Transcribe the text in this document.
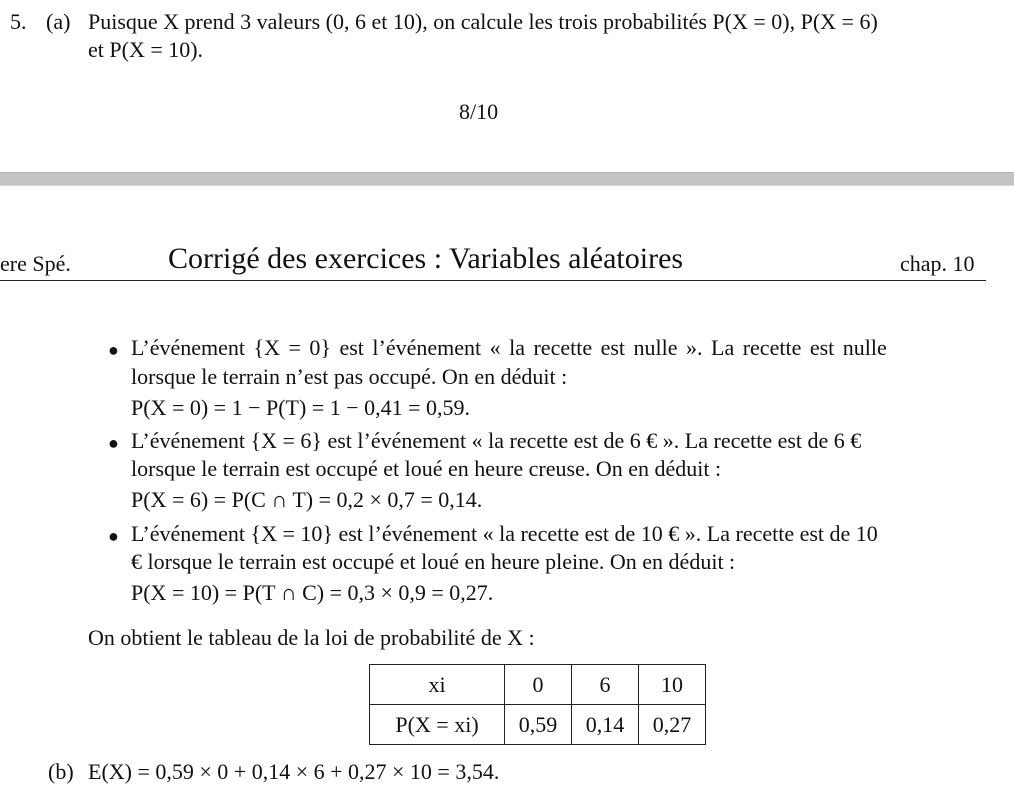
5. (a) Puisque X prend 3 valeurs (0, 6 et 10), on calcule les trois probabilités P(X = 0), P(X = 6)
et P(X = 10).
8/10
ere Spé.	Corrigé des exercices : Variables aléatoires	chap. 10
● L’événement {X = 0} est l’événement « la recette est nulle ». La recette est nulle
lorsque le terrain n’est pas occupé. On en déduit :
P(X = 0) = 1 − P(T) = 1 − 0,41 = 0,59.
● L’événement {X = 6} est l’événement « la recette est de 6 € ». La recette est de 6 €
lorsque le terrain est occupé et loué en heure creuse. On en déduit :
P(X = 6) = P(C ∩ T) = 0,2 × 0,7 = 0,14.
● L’événement {X = 10} est l’événement « la recette est de 10 € ». La recette est de 10
€ lorsque le terrain est occupé et loué en heure pleine. On en déduit :
P(X = 10) = P(T ∩ C) = 0,3 × 0,9 = 0,27.
On obtient le tableau de la loi de probabilité de X :
xi	0	6	10
P(X = xi)	0,59	0,14	0,27
(b) E(X) = 0,59 × 0 + 0,14 × 6 + 0,27 × 10 = 3,54.
